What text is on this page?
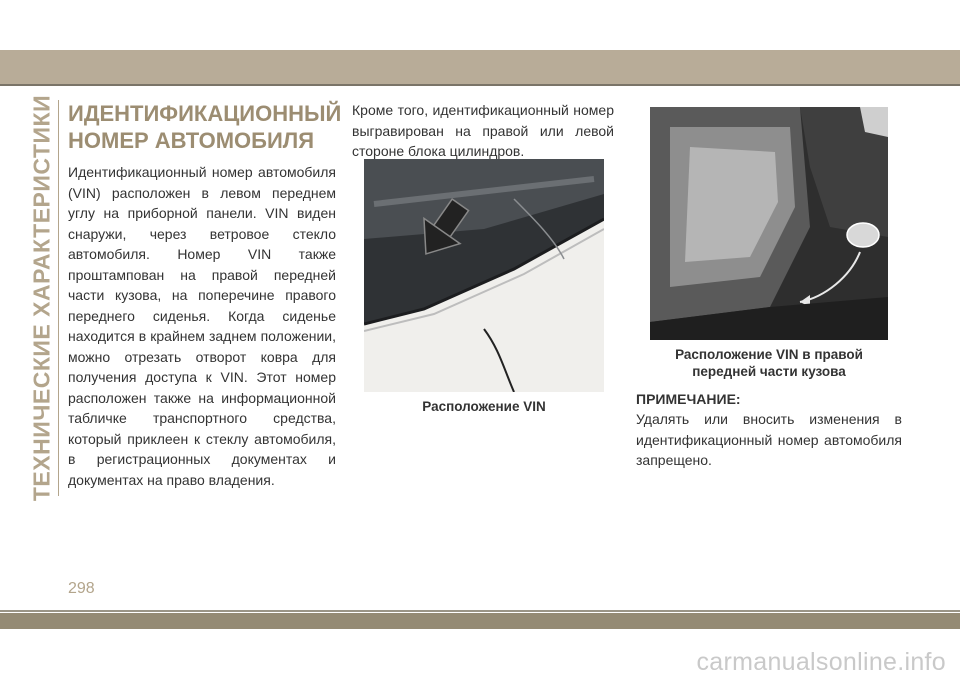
ТЕХНИЧЕСКИЕ ХАРАКТЕРИСТИКИ ИДЕНТИФИКАЦИОННЫЙ

НОМЕР АВТОМОБИЛЯ

Идентификационный номер автомобиля (VIN) расположен в левом переднем углу на приборной панели. VIN виден снаружи, через ветровое стекло автомобиля. Номер VIN также проштампован на правой передней части кузова, на поперечине правого переднего сиденья. Когда сиденье находится в крайнем заднем положении, можно отрезать отворот ковра для получения доступа к VIN. Этот номер расположен также на информационной табличке транспортного средства, который приклеен к стеклу автомобиля, в регистрационных документах и документах на право владения.

Кроме того, идентификационный номер выгравирован на правой или левой стороне блока цилиндров.

Расположение VIN

Расположение VIN в правой

передней части кузова

ПРИМЕЧАНИЕ:

Удалять или вносить изменения в идентификационный номер автомобиля запрещено.

298
carmanualsonline.info
